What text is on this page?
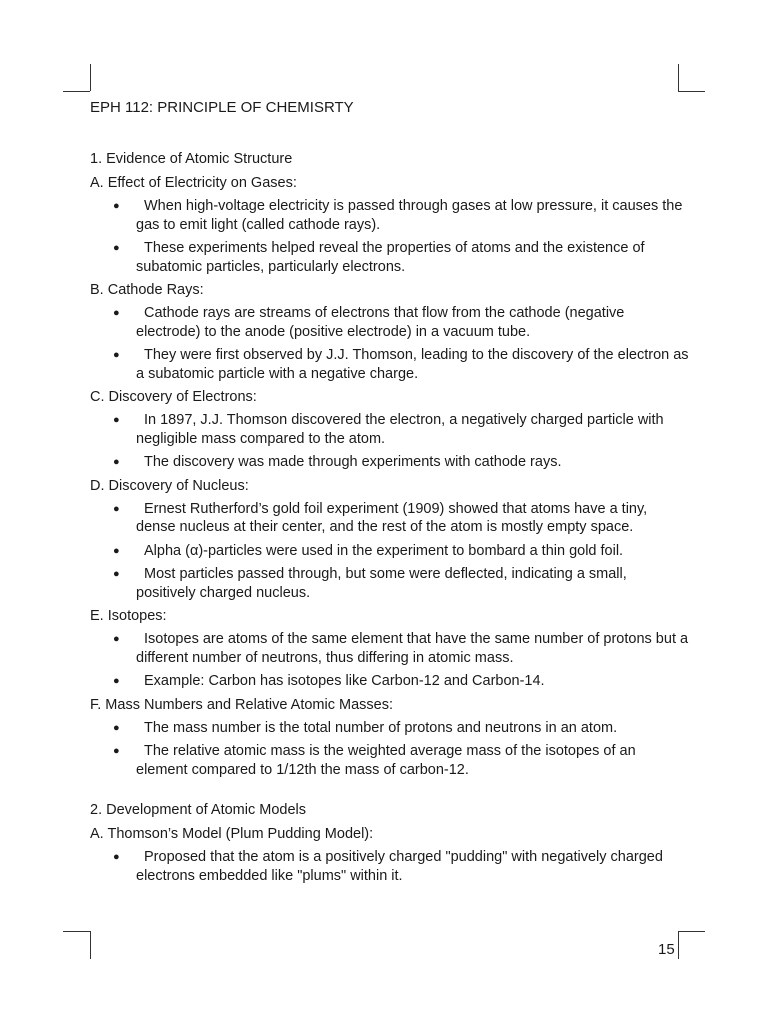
EPH 112: PRINCIPLE OF CHEMISRTY
1. Evidence of Atomic Structure
A. Effect of Electricity on Gases:
●	When high-voltage electricity is passed through gases at low pressure, it causes the gas to emit light (called cathode rays).
●	These experiments helped reveal the properties of atoms and the existence of subatomic particles, particularly electrons.
B. Cathode Rays:
●	Cathode rays are streams of electrons that flow from the cathode (negative electrode) to the anode (positive electrode) in a vacuum tube.
●	They were first observed by J.J. Thomson, leading to the discovery of the electron as a subatomic particle with a negative charge.
C. Discovery of Electrons:
●	In 1897, J.J. Thomson discovered the electron, a negatively charged particle with negligible mass compared to the atom.
●	The discovery was made through experiments with cathode rays.
D. Discovery of Nucleus:
●	Ernest Rutherford’s gold foil experiment (1909) showed that atoms have a tiny, dense nucleus at their center, and the rest of the atom is mostly empty space.
●	Alpha (α)-particles were used in the experiment to bombard a thin gold foil.
●	Most particles passed through, but some were deflected, indicating a small, positively charged nucleus.
E. Isotopes:
●	Isotopes are atoms of the same element that have the same number of protons but a different number of neutrons, thus differing in atomic mass.
●	Example: Carbon has isotopes like Carbon-12 and Carbon-14.
F. Mass Numbers and Relative Atomic Masses:
●	The mass number is the total number of protons and neutrons in an atom.
●	The relative atomic mass is the weighted average mass of the isotopes of an element compared to 1/12th the mass of carbon-12.
2. Development of Atomic Models
A. Thomson’s Model (Plum Pudding Model):
●	Proposed that the atom is a positively charged "pudding" with negatively charged electrons embedded like "plums" within it.
15
